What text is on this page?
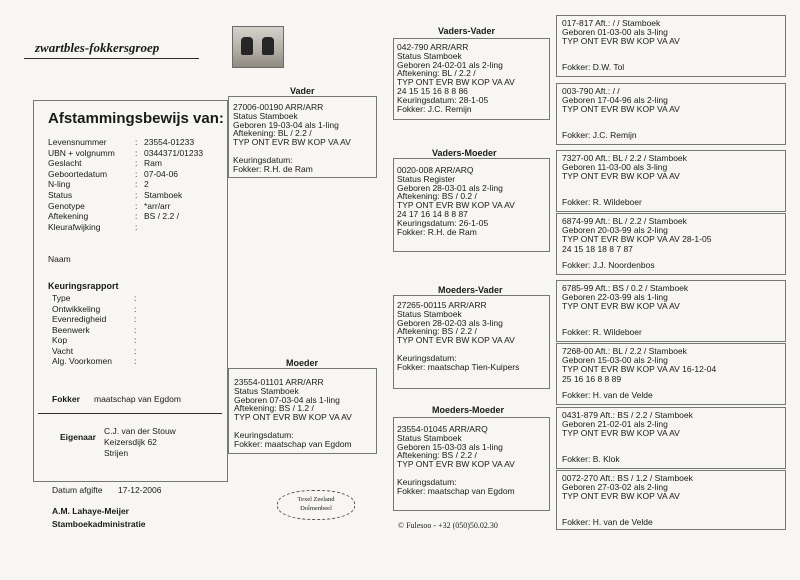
zwartbles-fokkersgroep
Afstammingsbewijs van:
Levensnummer	: 23554-01233
UBN + volgnumm : 0344371/01233
Geslacht	: Ram
Geboortedatum	: 07-04-06
N-ling	: 2
Status	: Stamboek
Genotype	: *arr/arr
Aftekening	: BS / 2.2 /
Kleurafwijking	:
Naam
Keuringsrapport
Type	:
Ontwikkeling	:
Evenredigheid	:
Beenwerk	:
Kop	:
Vacht	:
Alg. Voorkomen	:
Fokker maatschap van Egdom
Eigenaar
C.J. van der Stouw
Keizersdijk 62
Strijen
Datum afgifte 17-12-2006
A.M. Lahaye-Meijer
Stamboekadministratie
Vader
27006-00190 ARR/ARR
Status Stamboek
Geboren 19-03-04 als 1-ling
Aftekening: BL / 2.2 /
TYP ONT EVR BW KOP VA AV
Keuringsdatum:
Fokker: R.H. de Ram
Moeder
23554-01101 ARR/ARR
Status Stamboek
Geboren 07-03-04 als 1-ling
Aftekening: BS / 1.2 /
TYP ONT EVR BW KOP VA AV
Keuringsdatum:
Fokker: maatschap van Egdom
Vaders-Vader
042-790 ARR/ARR
Status Stamboek
Geboren 24-02-01 als 2-ling
Aftekening: BL / 2.2 /
TYP ONT EVR BW KOP VA AV
24 15 15 16 8 8 86
Keuringsdatum: 28-1-05
Fokker: J.C. Remijn
Vaders-Moeder
0020-008 ARR/ARQ
Status Register
Geboren 28-03-01 als 2-ling
Aftekening: BS / 0.2 /
TYP ONT EVR BW KOP VA AV
24 17 16 14 8 8 87
Keuringsdatum: 26-1-05
Fokker: R.H. de Ram
Moeders-Vader
27265-00115 ARR/ARR
Status Stamboek
Geboren 28-02-03 als 3-ling
Aftekening: BS / 2.2 /
TYP ONT EVR BW KOP VA AV
Keuringsdatum:
Fokker: maatschap Tien-Kuipers
Moeders-Moeder
23554-01045 ARR/ARQ
Status Stamboek
Geboren 15-03-03 als 1-ling
Aftekening: BS / 2.2 /
TYP ONT EVR BW KOP VA AV
Keuringsdatum:
Fokker: maatschap van Egdom
017-817 Aft.: / / Stamboek
Geboren 01-03-00 als 3-ling
TYP ONT EVR BW KOP VA AV
Fokker: D.W. Tol
003-790 Aft.: / /
Geboren 17-04-96 als 2-ling
TYP ONT EVR BW KOP VA AV
Fokker: J.C. Remijn
7327-00 Aft.: BL / 2.2 / Stamboek
Geboren 11-03-00 als 3-ling
TYP ONT EVR BW KOP VA AV
Fokker: R. Wildeboer
6874-99 Aft.: BL / 2.2 / Stamboek
Geboren 20-03-99 als 2-ling
TYP ONT EVR BW KOP VA AV 28-1-05
24 15 18 18 8 7 87
Fokker: J.J. Noordenbos
6785-99 Aft.: BS / 0.2 / Stamboek
Geboren 22-03-99 als 1-ling
TYP ONT EVR BW KOP VA AV
Fokker: R. Wildeboer
7268-00 Aft.: BL / 2.2 / Stamboek
Geboren 15-03-00 als 2-ling
TYP ONT EVR BW KOP VA AV 16-12-04
25 16 16 8 8 89
Fokker: H. van de Velde
0431-879 Aft.: BS / 2.2 / Stamboek
Geboren 21-02-01 als 2-ling
TYP ONT EVR BW KOP VA AV
Fokker: B. Klok
0072-270 Aft.: BS / 1.2 / Stamboek
Geboren 27-03-02 als 2-ling
TYP ONT EVR BW KOP VA AV
Fokker: H. van de Velde
Texel Zeeland
Dolmenbeel
© Fulesoo - +32 (050)50.02.30
